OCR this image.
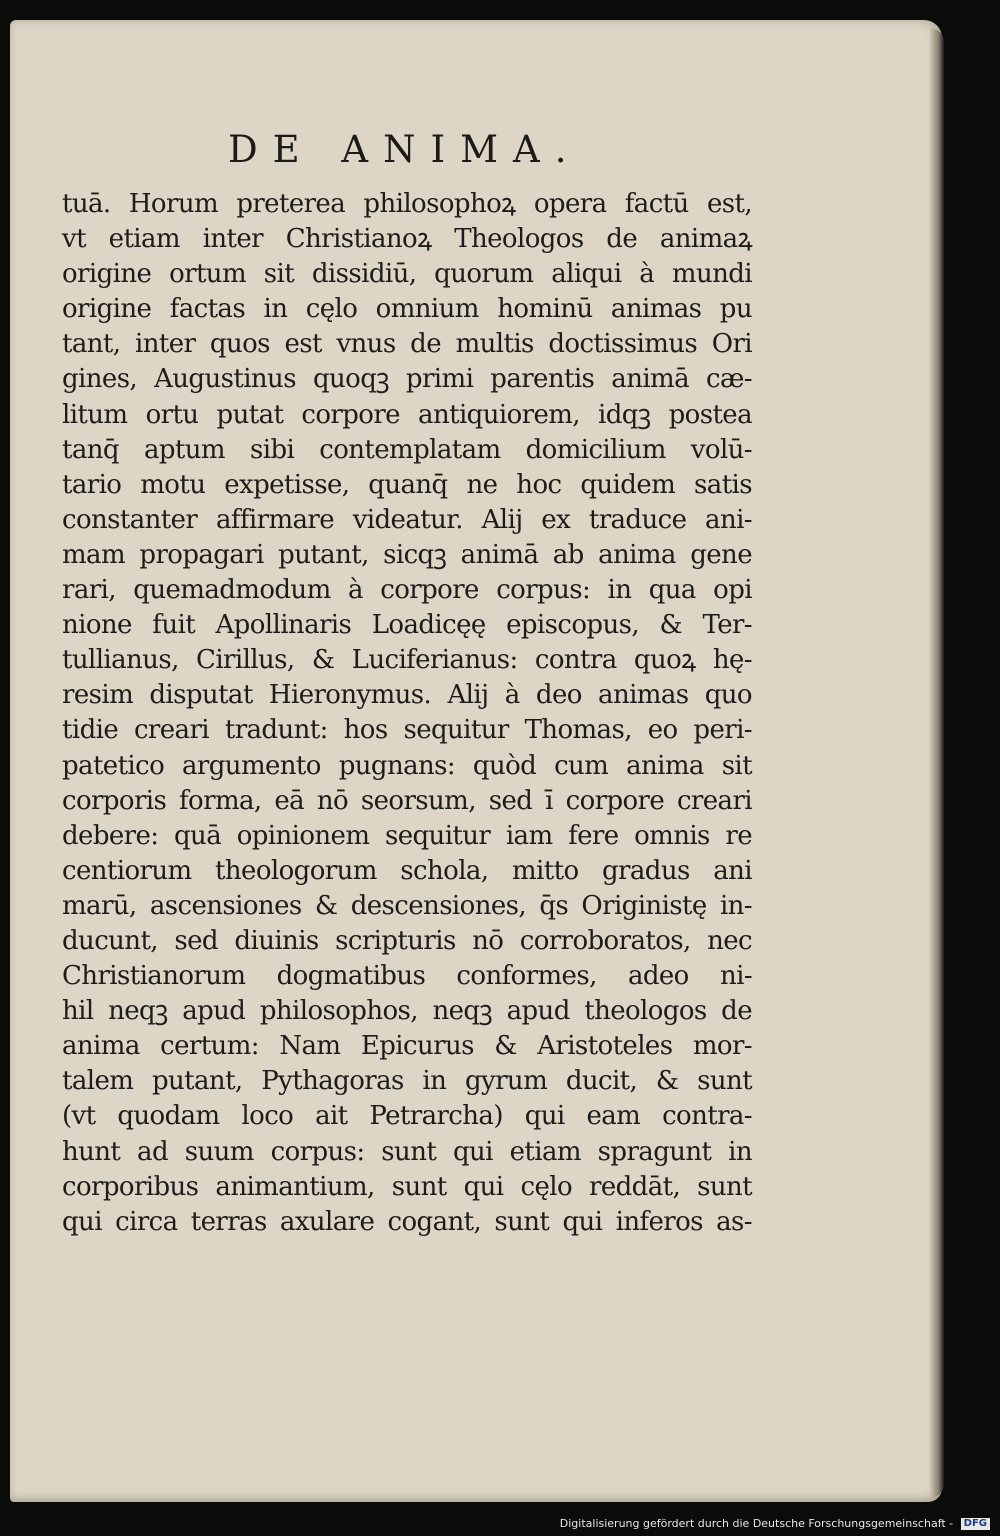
DE ANIMA.
tuā. Horum preterea philosophoꝝ opera factū est,
vt etiam inter Christianoꝝ Theologos de animaꝝ
origine ortum sit dissidiū, quorum aliqui à mundi
origine factas in cęlo omnium hominū animas pu
tant, inter quos est vnus de multis doctissimus Ori
gines, Augustinus quoqꝫ primi parentis animā cæ-
litum ortu putat corpore antiquiorem, idqꝫ postea
tanq̄ aptum sibi contemplatam domicilium volū-
tario motu expetisse, quanq̄ ne hoc quidem satis
constanter affirmare videatur. Alij ex traduce ani-
mam propagari putant, sicqꝫ animā ab anima gene
rari, quemadmodum à corpore corpus: in qua opi
nione fuit Apollinaris Loadicęę episcopus, & Ter-
tullianus, Cirillus, & Luciferianus: contra quoꝝ hę-
resim disputat Hieronymus. Alij à deo animas quo
tidie creari tradunt: hos sequitur Thomas, eo peri-
patetico argumento pugnans: quòd cum anima sit
corporis forma, eā nō seorsum, sed ī corpore creari
debere: quā opinionem sequitur iam fere omnis re
centiorum theologorum schola, mitto gradus ani
marū, ascensiones & descensiones, q̄s Originistę in-
ducunt, sed diuinis scripturis nō corroboratos, nec
Christianorum dogmatibus conformes, adeo ni-
hil neqꝫ apud philosophos, neqꝫ apud theologos de
anima certum: Nam Epicurus & Aristoteles mor-
talem putant, Pythagoras in gyrum ducit, & sunt
(vt quodam loco ait Petrarcha) qui eam contra-
hunt ad suum corpus: sunt qui etiam spragunt in
corporibus animantium, sunt qui cęlo reddāt, sunt
qui circa terras axulare cogant, sunt qui inferos as-
Digitalisierung gefördert durch die Deutsche Forschungsgemeinschaft - DFG
